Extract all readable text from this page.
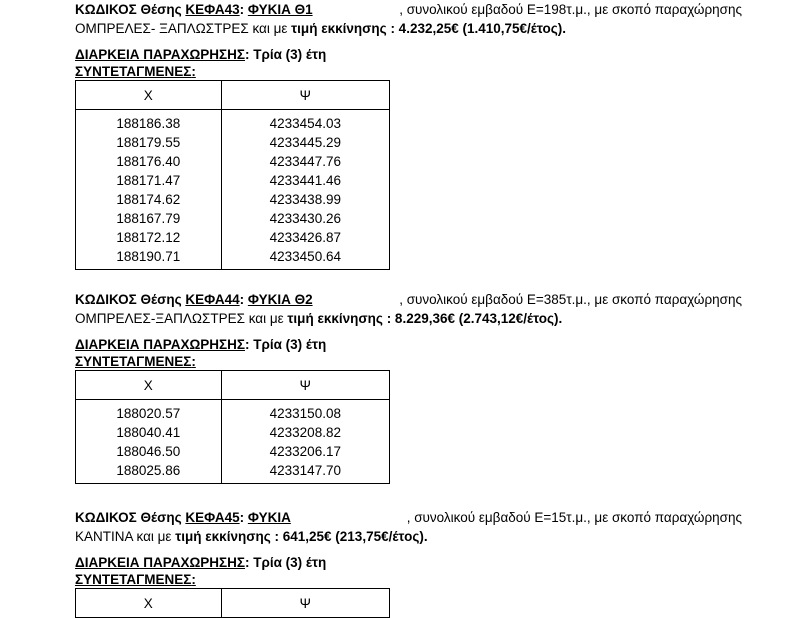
ΚΩΔΙΚΟΣ Θέσης ΚΕΦΑ43: ΦΥΚΙΑ Θ1	, συνολικού εμβαδού Ε=198τ.μ., με σκοπό παραχώρησης
ΟΜΠΡΕΛΕΣ- ΞΑΠΛΩΣΤΡΕΣ και με τιμή εκκίνησης : 4.232,25€ (1.410,75€/έτος).
ΔΙΑΡΚΕΙΑ ΠΑΡΑΧΩΡΗΣΗΣ: Τρία (3) έτη
ΣΥΝΤΕΤΑΓΜΕΝΕΣ:
Χ	Ψ
188186.38	4233454.03
188179.55	4233445.29
188176.40	4233447.76
188171.47	4233441.46
188174.62	4233438.99
188167.79	4233430.26
188172.12	4233426.87
188190.71	4233450.64
ΚΩΔΙΚΟΣ Θέσης ΚΕΦΑ44: ΦΥΚΙΑ Θ2	, συνολικού εμβαδού Ε=385τ.μ., με σκοπό παραχώρησης
ΟΜΠΡΕΛΕΣ-ΞΑΠΛΩΣΤΡΕΣ και με τιμή εκκίνησης : 8.229,36€ (2.743,12€/έτος).
ΔΙΑΡΚΕΙΑ ΠΑΡΑΧΩΡΗΣΗΣ: Τρία (3) έτη
ΣΥΝΤΕΤΑΓΜΕΝΕΣ:
Χ	Ψ
188020.57	4233150.08
188040.41	4233208.82
188046.50	4233206.17
188025.86	4233147.70
ΚΩΔΙΚΟΣ Θέσης ΚΕΦΑ45: ΦΥΚΙΑ	, συνολικού εμβαδού Ε=15τ.μ., με σκοπό παραχώρησης
ΚΑΝΤΙΝΑ και με τιμή εκκίνησης : 641,25€ (213,75€/έτος).
ΔΙΑΡΚΕΙΑ ΠΑΡΑΧΩΡΗΣΗΣ: Τρία (3) έτη
ΣΥΝΤΕΤΑΓΜΕΝΕΣ:
Χ	Ψ
